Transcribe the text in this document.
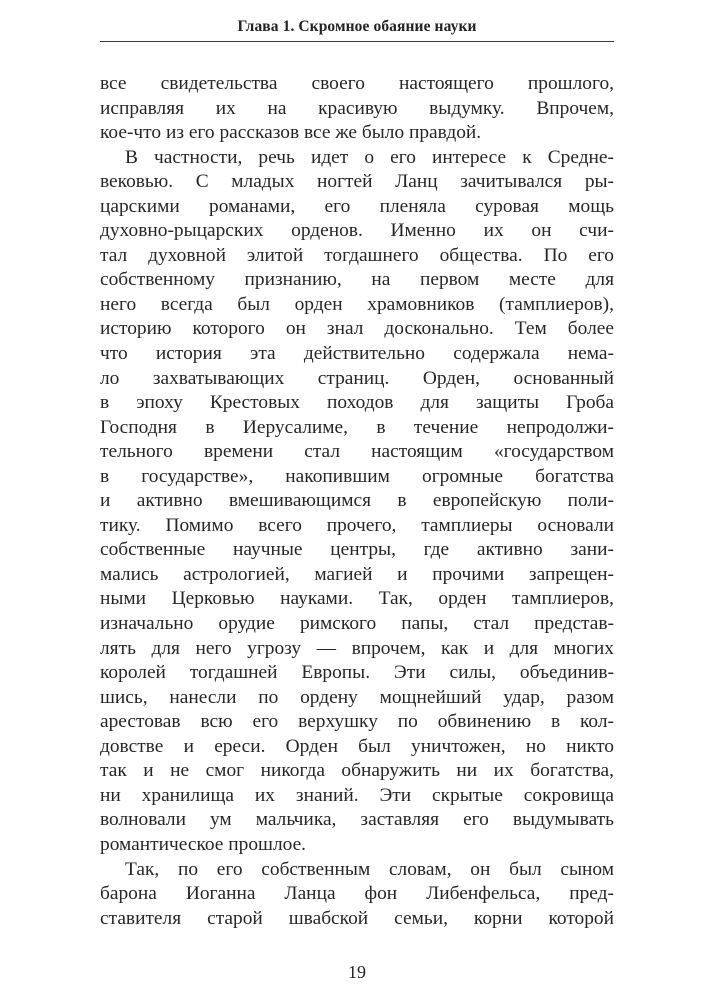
Глава 1. Скромное обаяние науки
все свидетельства своего настоящего прошлого,
исправляя их на красивую выдумку. Впрочем,
кое-что из его рассказов все же было правдой.
В частности, речь идет о его интересе к Средне-
вековью. С младых ногтей Ланц зачитывался ры-
царскими романами, его пленяла суровая мощь
духовно-рыцарских орденов. Именно их он счи-
тал духовной элитой тогдашнего общества. По его
собственному признанию, на первом месте для
него всегда был орден храмовников (тамплиеров),
историю которого он знал досконально. Тем более
что история эта действительно содержала нема-
ло захватывающих страниц. Орден, основанный
в эпоху Крестовых походов для защиты Гроба
Господня в Иерусалиме, в течение непродолжи-
тельного времени стал настоящим «государством
в государстве», накопившим огромные богатства
и активно вмешивающимся в европейскую поли-
тику. Помимо всего прочего, тамплиеры основали
собственные научные центры, где активно зани-
мались астрологией, магией и прочими запрещен-
ными Церковью науками. Так, орден тамплиеров,
изначально орудие римского папы, стал представ-
лять для него угрозу — впрочем, как и для многих
королей тогдашней Европы. Эти силы, объединив-
шись, нанесли по ордену мощнейший удар, разом
арестовав всю его верхушку по обвинению в кол-
довстве и ереси. Орден был уничтожен, но никто
так и не смог никогда обнаружить ни их богатства,
ни хранилища их знаний. Эти скрытые сокровища
волновали ум мальчика, заставляя его выдумывать
романтическое прошлое.
Так, по его собственным словам, он был сыном
барона Иоганна Ланца фон Либенфельса, пред-
ставителя старой швабской семьи, корни которой
19
